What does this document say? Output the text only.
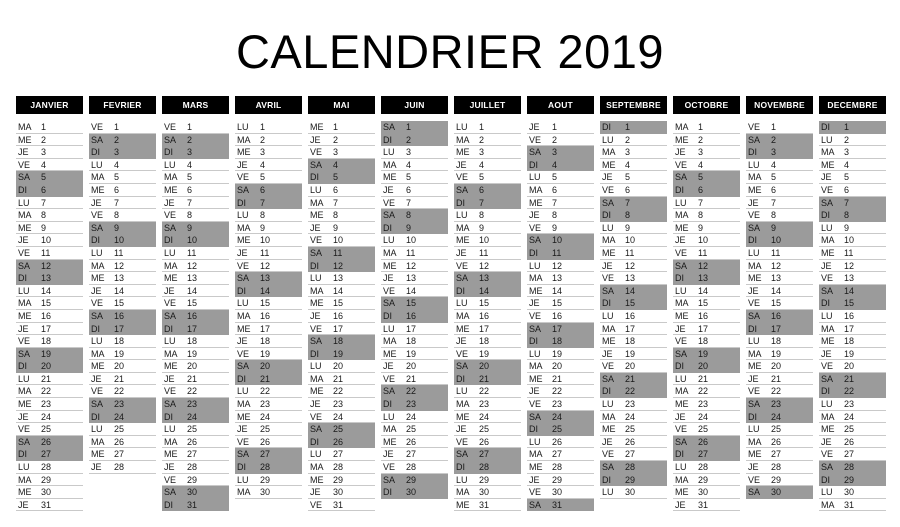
CALENDRIER 2019
JANVIER
MA 1
ME 2
JE 3
VE 4
SA 5
DI 6
LU 7
MA 8
ME 9
JE 10
VE 11
SA 12
DI 13
LU 14
MA 15
ME 16
JE 17
VE 18
SA 19
DI 20
LU 21
MA 22
ME 23
JE 24
VE 25
SA 26
DI 27
LU 28
MA 29
ME 30
JE 31
FEVRIER
VE 1
SA 2
DI 3
LU 4
MA 5
ME 6
JE 7
VE 8
SA 9
DI 10
LU 11
MA 12
ME 13
JE 14
VE 15
SA 16
DI 17
LU 18
MA 19
ME 20
JE 21
VE 22
SA 23
DI 24
LU 25
MA 26
ME 27
JE 28
MARS
VE 1
SA 2
DI 3
LU 4
MA 5
ME 6
JE 7
VE 8
SA 9
DI 10
LU 11
MA 12
ME 13
JE 14
VE 15
SA 16
DI 17
LU 18
MA 19
ME 20
JE 21
VE 22
SA 23
DI 24
LU 25
MA 26
ME 27
JE 28
VE 29
SA 30
DI 31
AVRIL
LU 1
MA 2
ME 3
JE 4
VE 5
SA 6
DI 7
LU 8
MA 9
ME 10
JE 11
VE 12
SA 13
DI 14
LU 15
MA 16
ME 17
JE 18
VE 19
SA 20
DI 21
LU 22
MA 23
ME 24
JE 25
VE 26
SA 27
DI 28
LU 29
MA 30
MAI
ME 1
JE 2
VE 3
SA 4
DI 5
LU 6
MA 7
ME 8
JE 9
VE 10
SA 11
DI 12
LU 13
MA 14
ME 15
JE 16
VE 17
SA 18
DI 19
LU 20
MA 21
ME 22
JE 23
VE 24
SA 25
DI 26
LU 27
MA 28
ME 29
JE 30
VE 31
JUIN
SA 1
DI 2
LU 3
MA 4
ME 5
JE 6
VE 7
SA 8
DI 9
LU 10
MA 11
ME 12
JE 13
VE 14
SA 15
DI 16
LU 17
MA 18
ME 19
JE 20
VE 21
SA 22
DI 23
LU 24
MA 25
ME 26
JE 27
VE 28
SA 29
DI 30
JUILLET
LU 1
MA 2
ME 3
JE 4
VE 5
SA 6
DI 7
LU 8
MA 9
ME 10
JE 11
VE 12
SA 13
DI 14
LU 15
MA 16
ME 17
JE 18
VE 19
SA 20
DI 21
LU 22
MA 23
ME 24
JE 25
VE 26
SA 27
DI 28
LU 29
MA 30
ME 31
AOUT
JE 1
VE 2
SA 3
DI 4
LU 5
MA 6
ME 7
JE 8
VE 9
SA 10
DI 11
LU 12
MA 13
ME 14
JE 15
VE 16
SA 17
DI 18
LU 19
MA 20
ME 21
JE 22
VE 23
SA 24
DI 25
LU 26
MA 27
ME 28
JE 29
VE 30
SA 31
SEPTEMBRE
DI 1
LU 2
MA 3
ME 4
JE 5
VE 6
SA 7
DI 8
LU 9
MA 10
ME 11
JE 12
VE 13
SA 14
DI 15
LU 16
MA 17
ME 18
JE 19
VE 20
SA 21
DI 22
LU 23
MA 24
ME 25
JE 26
VE 27
SA 28
DI 29
LU 30
OCTOBRE
MA 1
ME 2
JE 3
VE 4
SA 5
DI 6
LU 7
MA 8
ME 9
JE 10
VE 11
SA 12
DI 13
LU 14
MA 15
ME 16
JE 17
VE 18
SA 19
DI 20
LU 21
MA 22
ME 23
JE 24
VE 25
SA 26
DI 27
LU 28
MA 29
ME 30
JE 31
NOVEMBRE
VE 1
SA 2
DI 3
LU 4
MA 5
ME 6
JE 7
VE 8
SA 9
DI 10
LU 11
MA 12
ME 13
JE 14
VE 15
SA 16
DI 17
LU 18
MA 19
ME 20
JE 21
VE 22
SA 23
DI 24
LU 25
MA 26
ME 27
JE 28
VE 29
SA 30
DECEMBRE
DI 1
LU 2
MA 3
ME 4
JE 5
VE 6
SA 7
DI 8
LU 9
MA 10
ME 11
JE 12
VE 13
SA 14
DI 15
LU 16
MA 17
ME 18
JE 19
VE 20
SA 21
DI 22
LU 23
MA 24
ME 25
JE 26
VE 27
SA 28
DI 29
LU 30
MA 31
